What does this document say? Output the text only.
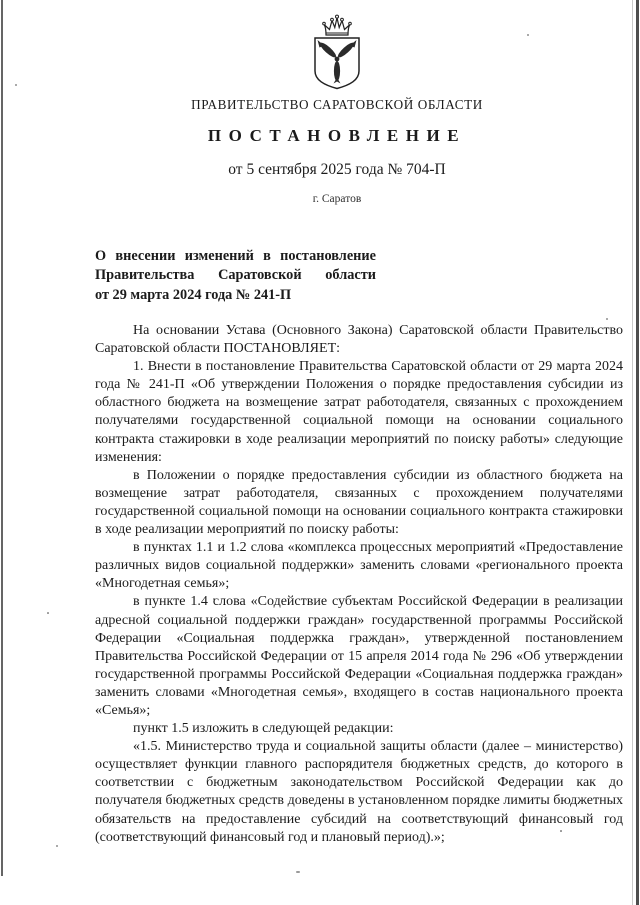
ПРАВИТЕЛЬСТВО САРАТОВСКОЙ ОБЛАСТИ
ПОСТАНОВЛЕНИЕ
от 5 сентября 2025 года № 704-П
г. Саратов
О внесении изменений в постановление
Правительства Саратовской области
от 29 марта 2024 года № 241-П

На основании Устава (Основного Закона) Саратовской области Правительство Саратовской области ПОСТАНОВЛЯЕТ:

1. Внести в постановление Правительства Саратовской области от 29 марта 2024 года № 241-П «Об утверждении Положения о порядке предоставления субсидии из областного бюджета на возмещение затрат работодателя, связанных с прохождением получателями государственной социальной помощи на основании социального контракта стажировки в ходе реализации мероприятий по поиску работы» следующие изменения:

в Положении о порядке предоставления субсидии из областного бюджета на возмещение затрат работодателя, связанных с прохождением получателями государственной социальной помощи на основании социального контракта стажировки в ходе реализации мероприятий по поиску работы:

в пунктах 1.1 и 1.2 слова «комплекса процессных мероприятий «Предоставление различных видов социальной поддержки» заменить словами «регионального проекта «Многодетная семья»;

в пункте 1.4 слова «Содействие субъектам Российской Федерации в реализации адресной социальной поддержки граждан» государственной программы Российской Федерации «Социальная поддержка граждан», утвержденной постановлением Правительства Российской Федерации от 15 апреля 2014 года № 296 «Об утверждении государственной программы Российской Федерации «Социальная поддержка граждан» заменить словами «Многодетная семья», входящего в состав национального проекта «Семья»;

пункт 1.5 изложить в следующей редакции:

«1.5. Министерство труда и социальной защиты области (далее – министерство) осуществляет функции главного распорядителя бюджетных средств, до которого в соответствии с бюджетным законодательством Российской Федерации как до получателя бюджетных средств доведены в установленном порядке лимиты бюджетных обязательств на предоставление субсидий на соответствующий финансовый год (соответствующий финансовый год и плановый период).»;
